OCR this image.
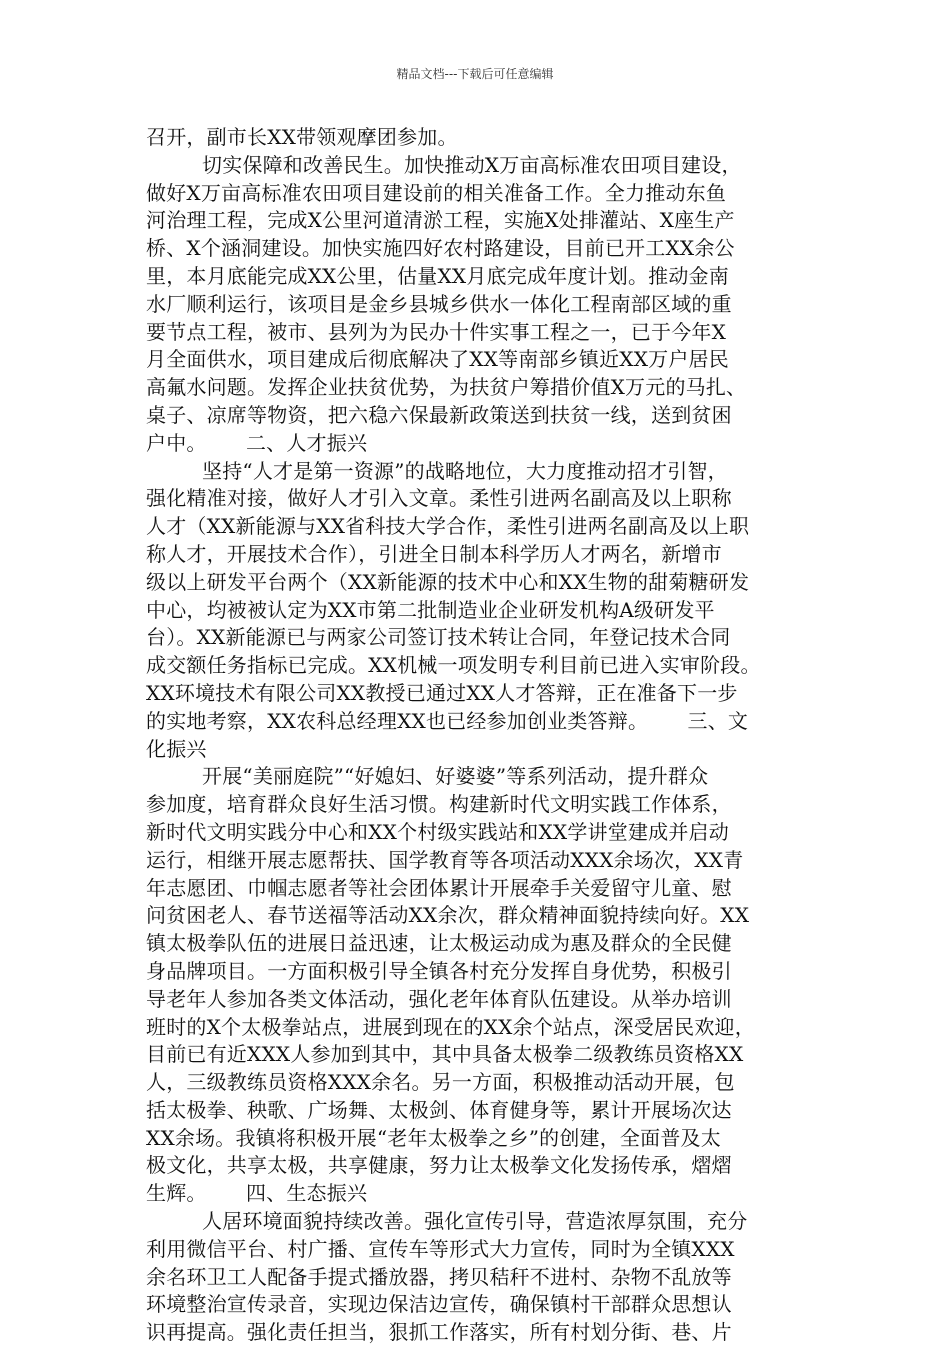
精品文档---下载后可任意编辑
召开，副市长XX带领观摩团参加。
切实保障和改善民生。加快推动X万亩高标准农田项目建设，
做好X万亩高标准农田项目建设前的相关准备工作。全力推动东鱼
河治理工程，完成X公里河道清淤工程，实施X处排灌站、X座生产
桥、X个涵洞建设。加快实施四好农村路建设，目前已开工XX余公
里，本月底能完成XX公里，估量XX月底完成年度计划。推动金南
水厂顺利运行，该项目是金乡县城乡供水一体化工程南部区域的重
要节点工程，被市、县列为为民办十件实事工程之一，已于今年X
月全面供水，项目建成后彻底解决了XX等南部乡镇近XX万户居民
高氟水问题。发挥企业扶贫优势，为扶贫户筹措价值X万元的马扎、
桌子、凉席等物资，把六稳六保最新政策送到扶贫一线，送到贫困
户中。      二、人才振兴
坚持“人才是第一资源”的战略地位，大力度推动招才引智，
强化精准对接，做好人才引入文章。柔性引进两名副高及以上职称
人才（XX新能源与XX省科技大学合作，柔性引进两名副高及以上职
称人才，开展技术合作），引进全日制本科学历人才两名，新增市
级以上研发平台两个（XX新能源的技术中心和XX生物的甜菊糖研发
中心，均被被认定为XX市第二批制造业企业研发机构A级研发平
台）。XX新能源已与两家公司签订技术转让合同，年登记技术合同
成交额任务指标已完成。XX机械一项发明专利目前已进入实审阶段。
XX环境技术有限公司XX教授已通过XX人才答辩，正在准备下一步
的实地考察，XX农科总经理XX也已经参加创业类答辩。      三、文
化振兴
开展“美丽庭院”“好媳妇、好婆婆”等系列活动，提升群众
参加度，培育群众良好生活习惯。构建新时代文明实践工作体系，
新时代文明实践分中心和XX个村级实践站和XX学讲堂建成并启动
运行，相继开展志愿帮扶、国学教育等各项活动XXX余场次，XX青
年志愿团、巾帼志愿者等社会团体累计开展牵手关爱留守儿童、慰
问贫困老人、春节送福等活动XX余次，群众精神面貌持续向好。XX
镇太极拳队伍的进展日益迅速，让太极运动成为惠及群众的全民健
身品牌项目。一方面积极引导全镇各村充分发挥自身优势，积极引
导老年人参加各类文体活动，强化老年体育队伍建设。从举办培训
班时的X个太极拳站点，进展到现在的XX余个站点，深受居民欢迎，
目前已有近XXX人参加到其中，其中具备太极拳二级教练员资格XX
人，三级教练员资格XXX余名。另一方面，积极推动活动开展，包
括太极拳、秧歌、广场舞、太极剑、体育健身等，累计开展场次达
XX余场。我镇将积极开展“老年太极拳之乡”的创建，全面普及太
极文化，共享太极，共享健康，努力让太极拳文化发扬传承，熠熠
生辉。      四、生态振兴
人居环境面貌持续改善。强化宣传引导，营造浓厚氛围，充分
利用微信平台、村广播、宣传车等形式大力宣传，同时为全镇XXX
余名环卫工人配备手提式播放器，拷贝秸秆不进村、杂物不乱放等
环境整治宣传录音，实现边保洁边宣传，确保镇村干部群众思想认
识再提高。强化责任担当，狠抓工作落实，所有村划分街、巷、片
